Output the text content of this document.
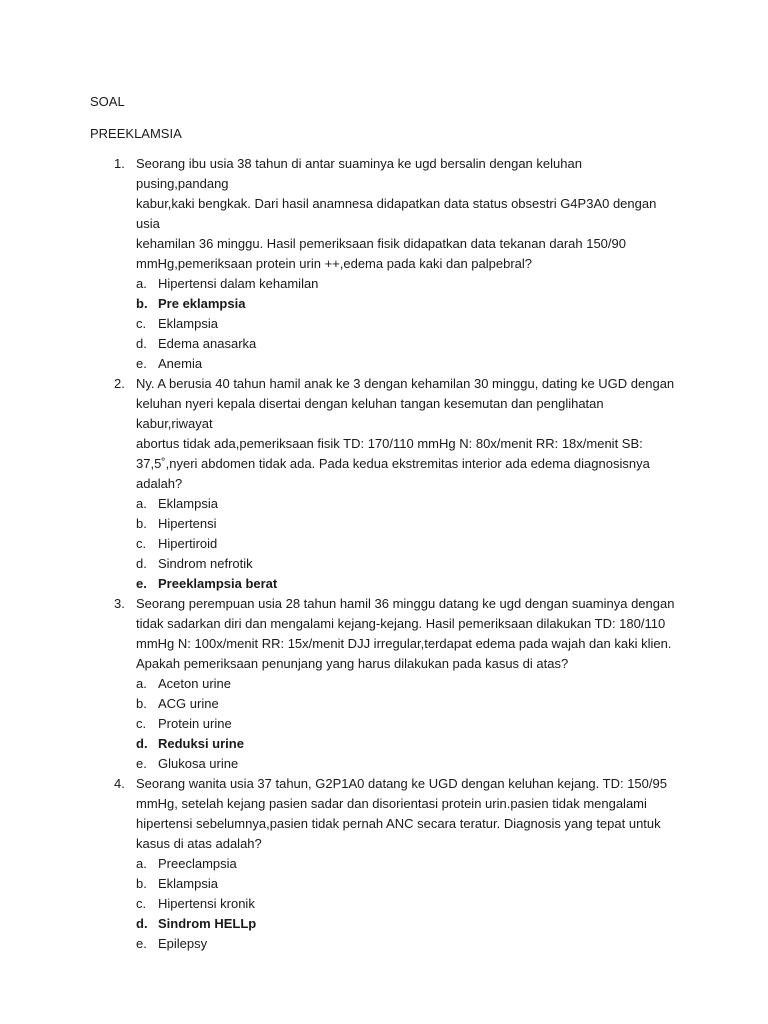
SOAL

PREEKLAMSIA

1. Seorang ibu usia 38 tahun di antar suaminya ke ugd bersalin dengan keluhan pusing,pandang
kabur,kaki bengkak. Dari hasil anamnesa didapatkan data status obsestri G4P3A0 dengan usia
kehamilan 36 minggu. Hasil pemeriksaan fisik didapatkan data tekanan darah 150/90
mmHg,pemeriksaan protein urin ++,edema pada kaki dan palpebral?

a. Hipertensi dalam kehamilan
b. Pre eklampsia
c. Eklampsia
d. Edema anasarka
e. Anemia
2. Ny. A berusia 40 tahun hamil anak ke 3 dengan kehamilan 30 minggu, dating ke UGD dengan
keluhan nyeri kepala disertai dengan keluhan tangan kesemutan dan penglihatan kabur,riwayat
abortus tidak ada,pemeriksaan fisik TD: 170/110 mmHg N: 80x/menit RR: 18x/menit SB:
37,5˚,nyeri abdomen tidak ada. Pada kedua ekstremitas interior ada edema diagnosisnya
adalah?

a. Eklampsia
b. Hipertensi
c. Hipertiroid
d. Sindrom nefrotik
e. Preeklampsia berat
3. Seorang perempuan usia 28 tahun hamil 36 minggu datang ke ugd dengan suaminya dengan
tidak sadarkan diri dan mengalami kejang-kejang. Hasil pemeriksaan dilakukan TD: 180/110
mmHg N: 100x/menit RR: 15x/menit DJJ irregular,terdapat edema pada wajah dan kaki klien.
Apakah pemeriksaan penunjang yang harus dilakukan pada kasus di atas?

a. Aceton urine
b. ACG urine
c. Protein urine
d. Reduksi urine
e. Glukosa urine
4. Seorang wanita usia 37 tahun, G2P1A0 datang ke UGD dengan keluhan kejang. TD: 150/95
mmHg, setelah kejang pasien sadar dan disorientasi protein urin.pasien tidak mengalami
hipertensi sebelumnya,pasien tidak pernah ANC secara teratur. Diagnosis yang tepat untuk
kasus di atas adalah?

a. Preeclampsia
b. Eklampsia
c. Hipertensi kronik
d. Sindrom HELLp
e. Epilepsy
